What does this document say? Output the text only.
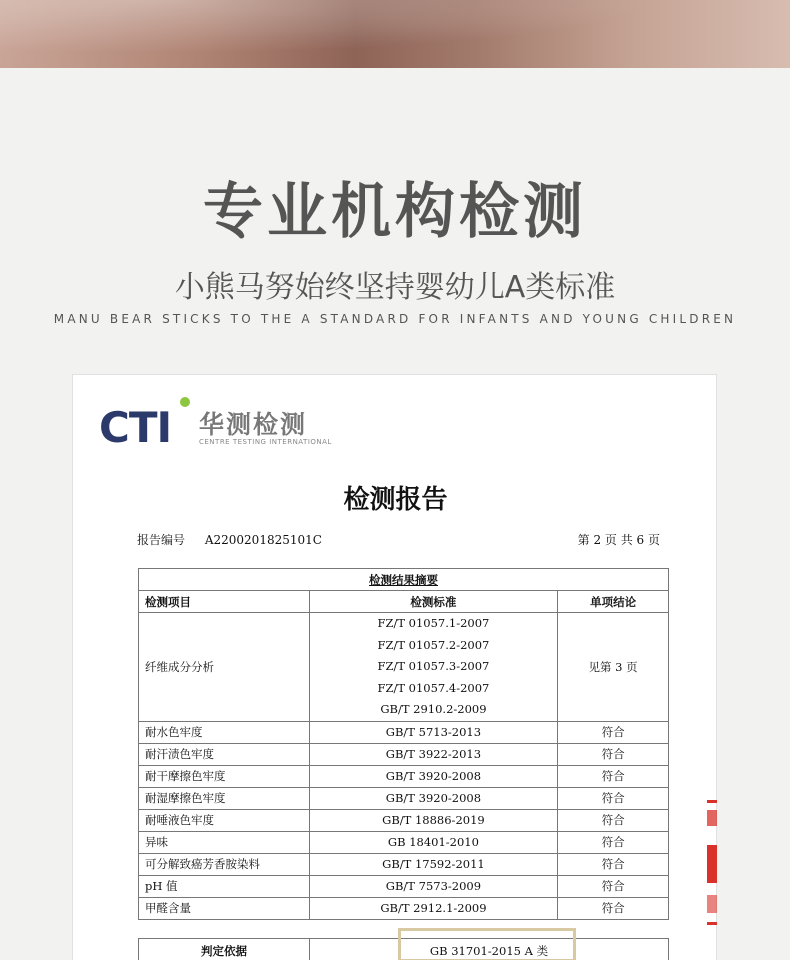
专业机构检测
小熊马努始终坚持婴幼儿A类标准
MANU BEAR STICKS TO THE A STANDARD FOR INFANTS AND YOUNG CHILDREN
CTI 华测检测
CENTRE TESTING INTERNATIONAL
检测报告
报告编号 A2200201825101C	第 2 页 共 6 页
检测结果摘要		
检测项目	检测标准	单项结论
纤维成分分析	FZ/T 01057.1-2007
FZ/T 01057.2-2007
FZ/T 01057.3-2007
FZ/T 01057.4-2007
GB/T 2910.2-2009	见第 3 页
耐水色牢度	GB/T 5713-2013	符合
耐汗渍色牢度	GB/T 3922-2013	符合
耐干摩擦色牢度	GB/T 3920-2008	符合
耐湿摩擦色牢度	GB/T 3920-2008	符合
耐唾液色牢度	GB/T 18886-2019	符合
异味	GB 18401-2010	符合
可分解致癌芳香胺染料	GB/T 17592-2011	符合
pH 值	GB/T 7573-2009	符合
甲醛含量	GB/T 2912.1-2009	符合
判定依据	GB 31701-2015 A 类
